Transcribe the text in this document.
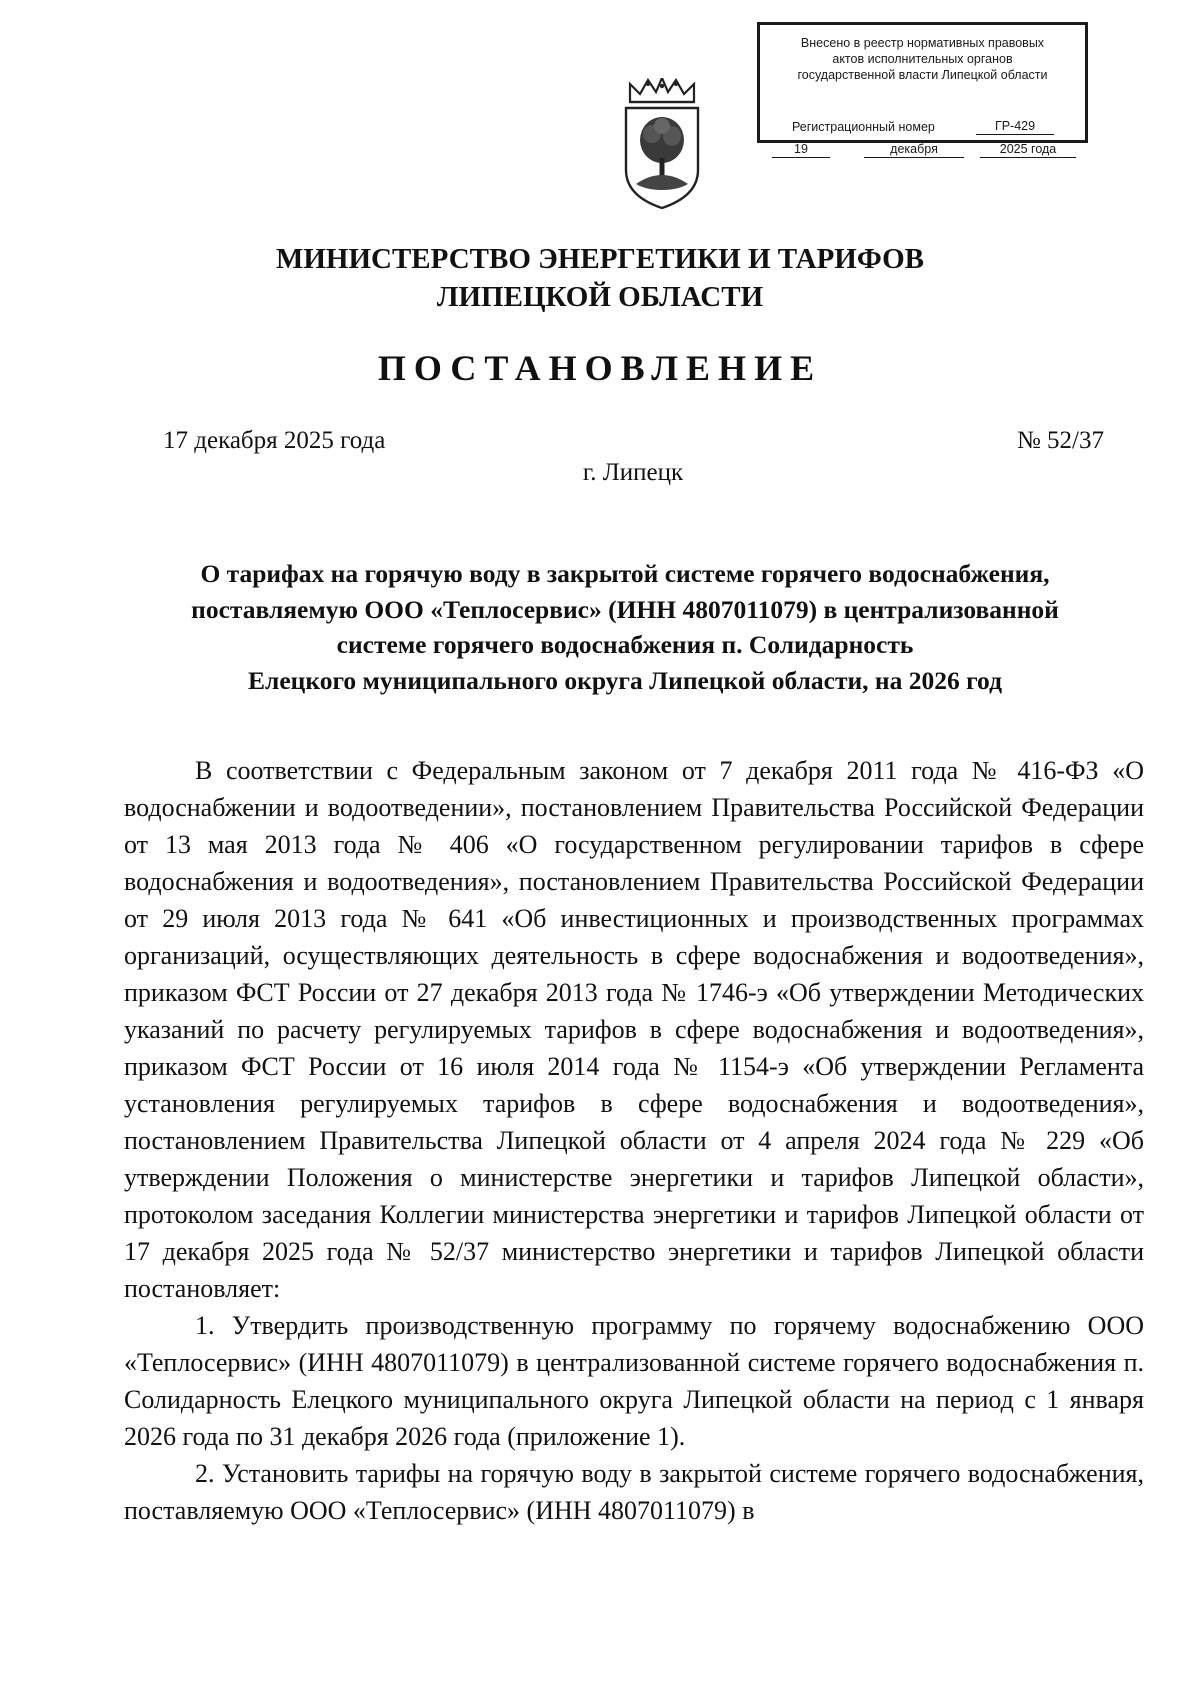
Внесено в реестр нормативных правовых
актов исполнительных органов
государственной власти Липецкой области
Регистрационный номер	ГР-429
19	декабря	2025 года
МИНИСТЕРСТВО ЭНЕРГЕТИКИ И ТАРИФОВ
ЛИПЕЦКОЙ ОБЛАСТИ
ПОСТАНОВЛЕНИЕ
17 декабря 2025 года	№ 52/37
г. Липецк
О тарифах на горячую воду в закрытой системе горячего водоснабжения,
поставляемую ООО «Теплосервис» (ИНН 4807011079) в централизованной
системе горячего водоснабжения п. Солидарность
Елецкого муниципального округа Липецкой области, на 2026 год

В соответствии с Федеральным законом от 7 декабря 2011 года № 416-ФЗ «О водоснабжении и водоотведении», постановлением Правительства Российской Федерации от 13 мая 2013 года № 406 «О государственном регулировании тарифов в сфере водоснабжения и водоотведения», постановлением Правительства Российской Федерации от 29 июля 2013 года № 641 «Об инвестиционных и производственных программах организаций, осуществляющих деятельность в сфере водоснабжения и водоотведения», приказом ФСТ России от 27 декабря 2013 года № 1746-э «Об утверждении Методических указаний по расчету регулируемых тарифов в сфере водоснабжения и водоотведения», приказом ФСТ России от 16 июля 2014 года № 1154-э «Об утверждении Регламента установления регулируемых тарифов в сфере водоснабжения и водоотведения», постановлением Правительства Липецкой области от 4 апреля 2024 года № 229 «Об утверждении Положения о министерстве энергетики и тарифов Липецкой области», протоколом заседания Коллегии министерства энергетики и тарифов Липецкой области от 17 декабря 2025 года № 52/37 министерство энергетики и тарифов Липецкой области постановляет:

1. Утвердить производственную программу по горячему водоснабжению ООО «Теплосервис» (ИНН 4807011079) в централизованной системе горячего водоснабжения п. Солидарность Елецкого муниципального округа Липецкой области на период с 1 января 2026 года по 31 декабря 2026 года (приложение 1).

2. Установить тарифы на горячую воду в закрытой системе горячего водоснабжения, поставляемую ООО «Теплосервис» (ИНН 4807011079) в
